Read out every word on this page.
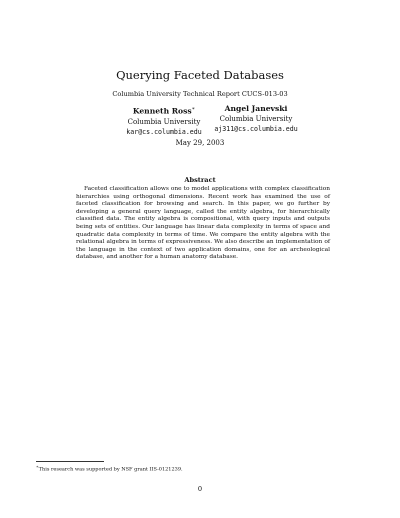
Querying Faceted Databases
Columbia University Technical Report CUCS-013-03
Kenneth Ross∗
Columbia University
kar@cs.columbia.edu
Angel Janevski
Columbia University
aj311@cs.columbia.edu
May 29, 2003
Abstract
Faceted classification allows one to model applications with complex classification hierarchies using orthogonal dimensions. Recent work has examined the use of faceted classification for browsing and search. In this paper, we go further by developing a general query language, called the entity algebra, for hierarchically classified data. The entity algebra is compositional, with query inputs and outputs being sets of entities. Our language has linear data complexity in terms of space and quadratic data complexity in terms of time. We compare the entity algebra with the relational algebra in terms of expressiveness. We also describe an implementation of the language in the context of two application domains, one for an archeological database, and another for a human anatomy database.
∗This research was supported by NSF grant IIS-0121239.
0
